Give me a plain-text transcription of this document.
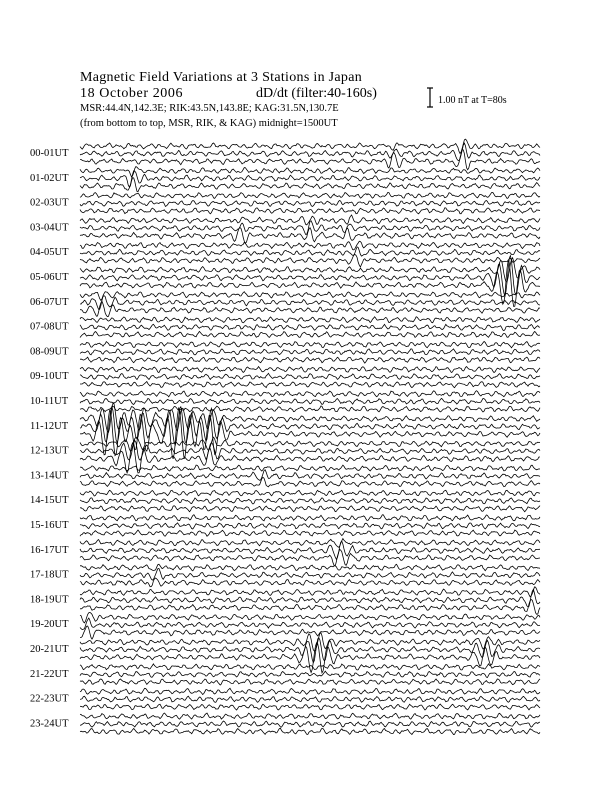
Magnetic Field Variations at 3 Stations in Japan
18 October 2006	dD/dt (filter:40-160s)
MSR:44.4N,142.3E; RIK:43.5N,143.8E; KAG:31.5N,130.7E
(from bottom to top, MSR, RIK, & KAG) midnight=1500UT
1.00 nT at T=80s
00-01UT
01-02UT
02-03UT
03-04UT
04-05UT
05-06UT
06-07UT
07-08UT
08-09UT
09-10UT
10-11UT
11-12UT
12-13UT
13-14UT
14-15UT
15-16UT
16-17UT
17-18UT
18-19UT
19-20UT
20-21UT
21-22UT
22-23UT
23-24UT
